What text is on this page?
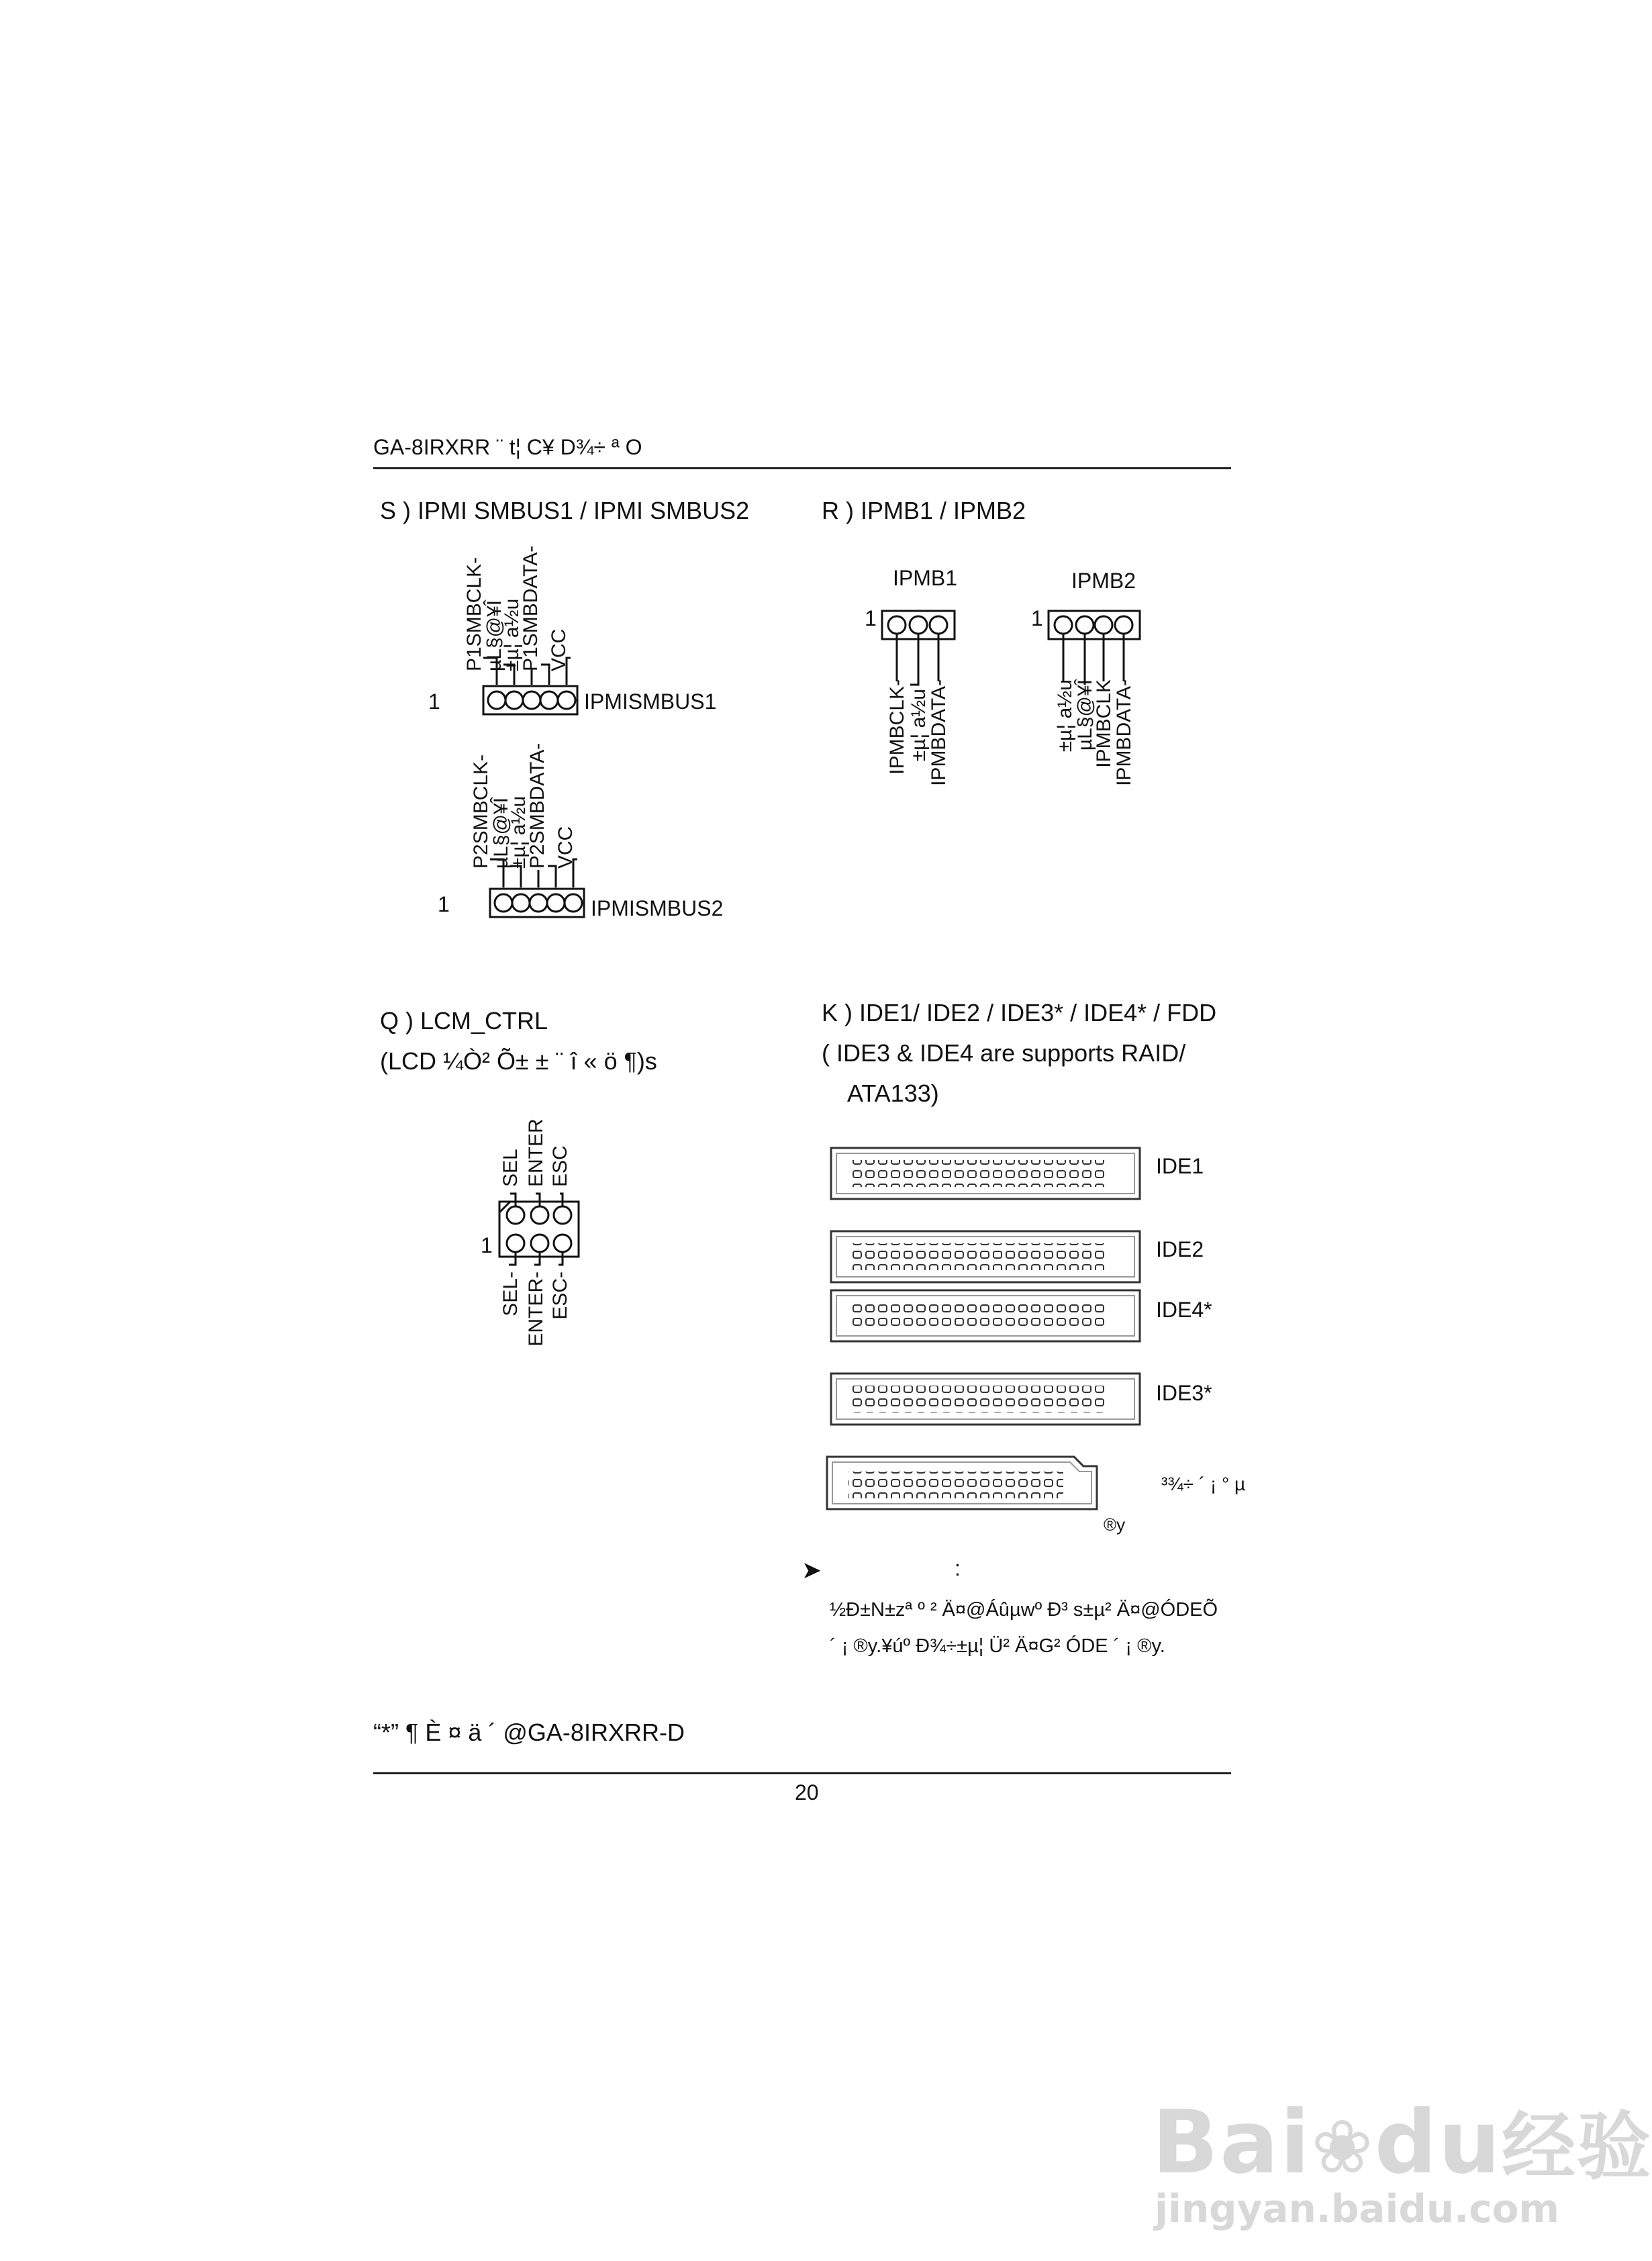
GA-8IRXRR ¨ t¦ C¥ D¾÷ ª O
S ) IPMI SMBUS1 / IPMI SMBUS2
P1SMBCLK-
µL§@¥Î
±µ¦ a½u
P1SMBDATA- VCC
1	IPMISMBUS1
P2SMBCLK-
µL§@¥Î
±µ¦ a½u
P2SMBDATA- VCC
1	IPMISMBUS2
R ) IPMB1 / IPMB2
IPMB1
1
IPMBCLK- ±µ¦ a½u
IPMBDATA-
IPMB2
1
±µ¦ a½u
µL§@¥Î
IPMBCLK
IPMBDATA-
Q ) LCM_CTRL
(LCD ¼Ò² Õ± ± ¨ î « ö ¶)s
SEL ENTER ESC
1
SEL- ENTER- ESC-
K ) IDE1/ IDE2 / IDE3* / IDE4* / FDD
( IDE3 & IDE4 are supports RAID/
ATA133)
IDE1
IDE2
IDE4*
IDE3*
³¾÷ ´ ¡ ° µ
®y
➤	:
½Ð±N±zª º ² Ä¤@Áûµwº Ð³ s±µ² Ä¤@ÓDEÕ
´ ¡ ®y.¥úº Ð¾÷±µ¦ Ü² Ä¤G² ÓDE ´ ¡ ®y.
“*” ¶ È ¤ ä ´ @GA-8IRXRR-D
20
Bai❀du经验
jingyan.baidu.com
